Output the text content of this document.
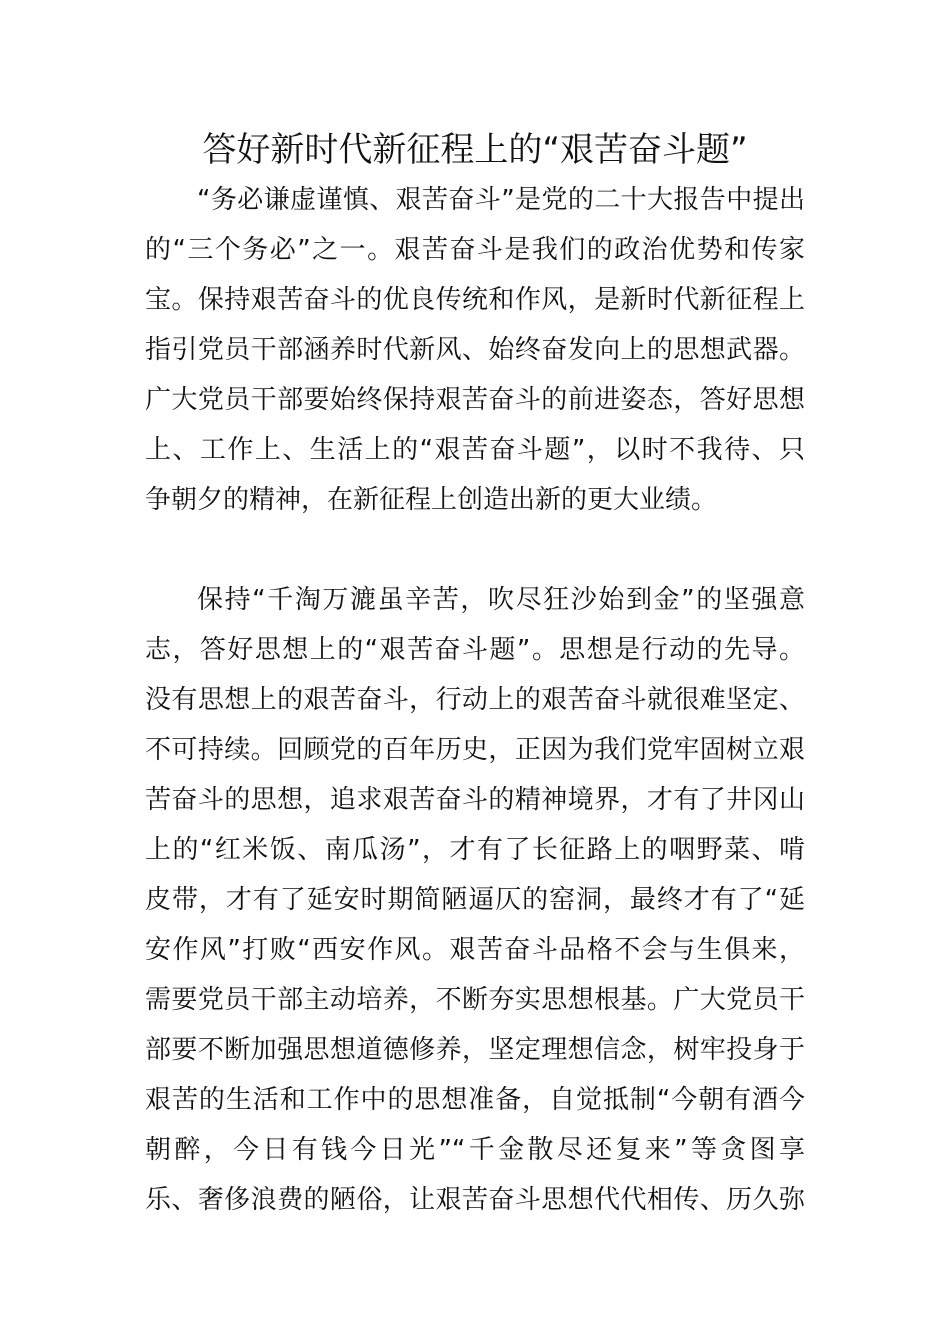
答好新时代新征程上的“艰苦奋斗题”
“务必谦虚谨慎、艰苦奋斗”是党的二十大报告中提出
的“三个务必”之一。艰苦奋斗是我们的政治优势和传家
宝。保持艰苦奋斗的优良传统和作风，是新时代新征程上
指引党员干部涵养时代新风、始终奋发向上的思想武器。
广大党员干部要始终保持艰苦奋斗的前进姿态，答好思想
上、工作上、生活上的“艰苦奋斗题”，以时不我待、只
争朝夕的精神，在新征程上创造出新的更大业绩。
保持“千淘万漉虽辛苦，吹尽狂沙始到金”的坚强意
志，答好思想上的“艰苦奋斗题”。思想是行动的先导。
没有思想上的艰苦奋斗，行动上的艰苦奋斗就很难坚定、
不可持续。回顾党的百年历史，正因为我们党牢固树立艰
苦奋斗的思想，追求艰苦奋斗的精神境界，才有了井冈山
上的“红米饭、南瓜汤”，才有了长征路上的咽野菜、啃
皮带，才有了延安时期简陋逼仄的窑洞，最终才有了“延
安作风”打败“西安作风。艰苦奋斗品格不会与生俱来，
需要党员干部主动培养，不断夯实思想根基。广大党员干
部要不断加强思想道德修养，坚定理想信念，树牢投身于
艰苦的生活和工作中的思想准备，自觉抵制“今朝有酒今
朝醉，今日有钱今日光”“千金散尽还复来”等贪图享
乐、奢侈浪费的陋俗，让艰苦奋斗思想代代相传、历久弥
